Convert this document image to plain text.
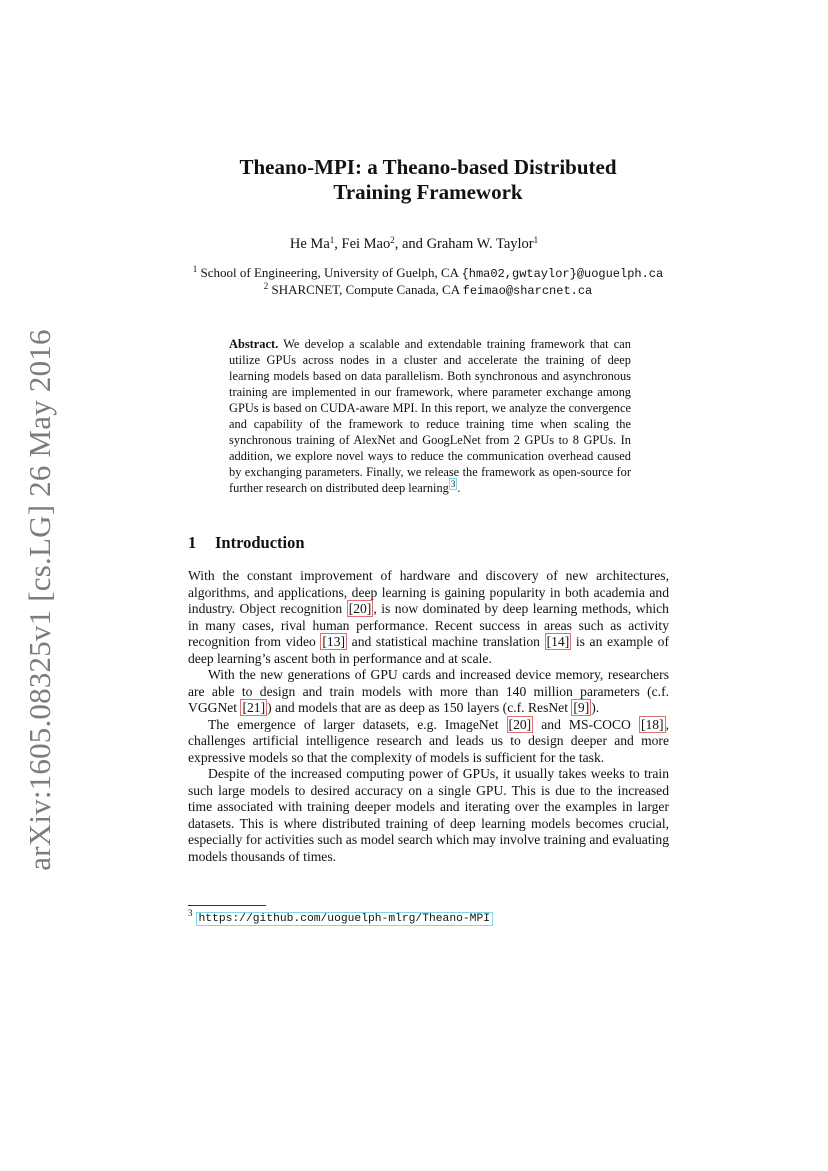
arXiv:1605.08325v1 [cs.LG] 26 May 2016
Theano-MPI: a Theano-based Distributed
Training Framework
He Ma$^1$, Fei Mao$^2$, and Graham W. Taylor$^1$
$^1$ School of Engineering, University of Guelph, CA {hma02,gwtaylor}@uoguelph.ca
$^2$ SHARCNET, Compute Canada, CA feimao@sharcnet.ca
Abstract. We develop a scalable and extendable training framework that can utilize GPUs across nodes in a cluster and accelerate the training of deep learning models based on data parallelism. Both synchronous and asynchronous training are implemented in our framework, where parameter exchange among GPUs is based on CUDA-aware MPI. In this report, we analyze the convergence and capability of the framework to reduce training time when scaling the synchronous training of AlexNet and GoogLeNet from 2 GPUs to 8 GPUs. In addition, we explore novel ways to reduce the communication overhead caused by exchanging parameters. Finally, we release the framework as open-source for further research on distributed deep learning $^3$ .
1 Introduction

With the constant improvement of hardware and discovery of new architectures, algorithms, and applications, deep learning is gaining popularity in both academia and industry. Object recognition [20] , is now dominated by deep learning methods, which in many cases, rival human performance. Recent success in areas such as activity recognition from video [13] and statistical machine translation [14] is an example of deep learning’s ascent both in performance and at scale.

With the new generations of GPU cards and increased device memory, researchers are able to design and train models with more than 140 million parameters (c.f. VGGNet [21] ) and models that are as deep as 150 layers (c.f. ResNet [9] ).

The emergence of larger datasets, e.g. ImageNet [20] and MS-COCO [18] , challenges artificial intelligence research and leads us to design deeper and more expressive models so that the complexity of models is sufficient for the task.

Despite of the increased computing power of GPUs, it usually takes weeks to train such large models to desired accuracy on a single GPU. This is due to the increased time associated with training deeper models and iterating over the examples in larger datasets. This is where distributed training of deep learning models becomes crucial, especially for activities such as model search which may involve training and evaluating models thousands of times.

$^3$ https://github.com/uoguelph-mlrg/Theano-MPI
